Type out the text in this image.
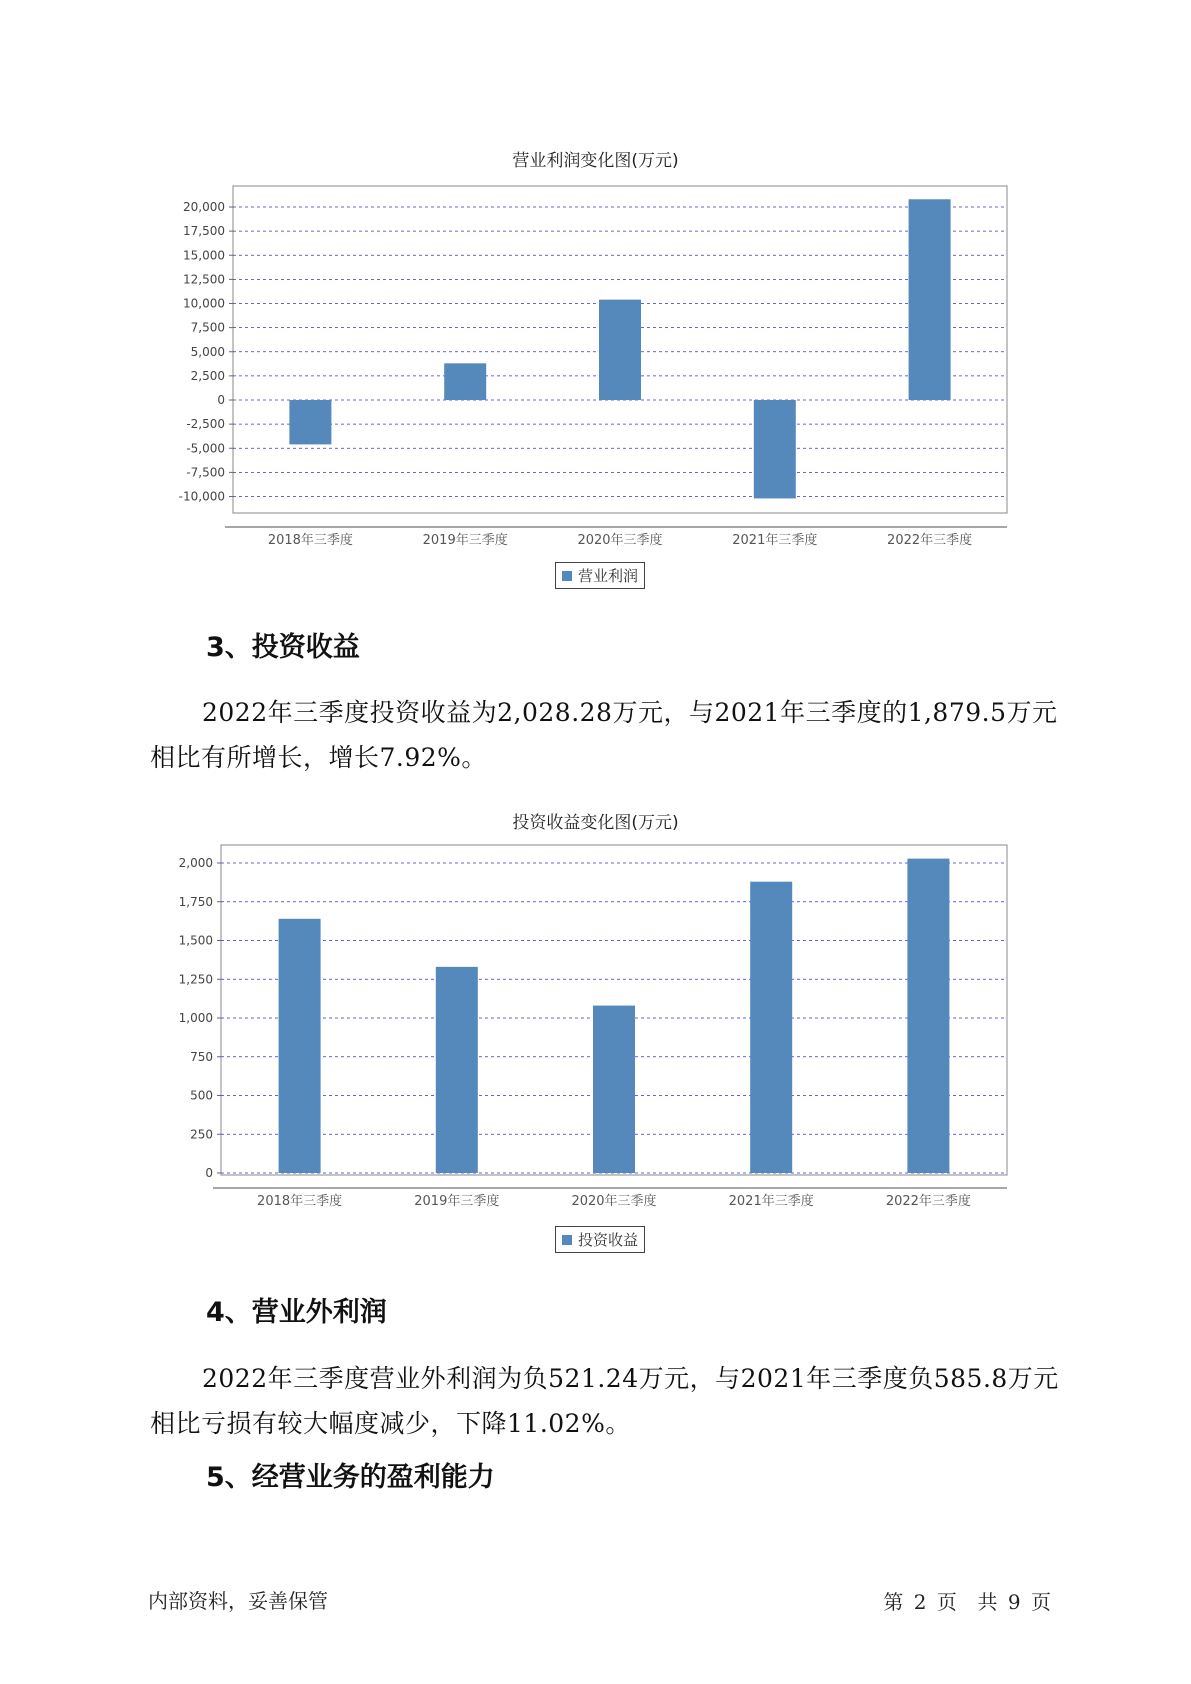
营业利润变化图(万元)
20,000
17,500
15,000
12,500
10,000
7,500
5,000
2,500
0
-2,500
-5,000
-7,500
-10,000
2018年三季度	2019年三季度	2020年三季度	2021年三季度	2022年三季度
2,000
1,750
1,500
1,250
1,000
750
500
250
0
2018年三季度	2019年三季度	2020年三季度	2021年三季度	2022年三季度
营业利润
3、投资收益
2022年三季度投资收益为2,028.28万元，与2021年三季度的1,879.5万元相比有所增长，增长7.92%。
投资收益变化图(万元)
投资收益
4、营业外利润
2022年三季度营业外利润为负521.24万元，与2021年三季度负585.8万元相比亏损有较大幅度减少，下降11.02%。
5、经营业务的盈利能力
内部资料，妥善保管	第 2 页  共 9 页
